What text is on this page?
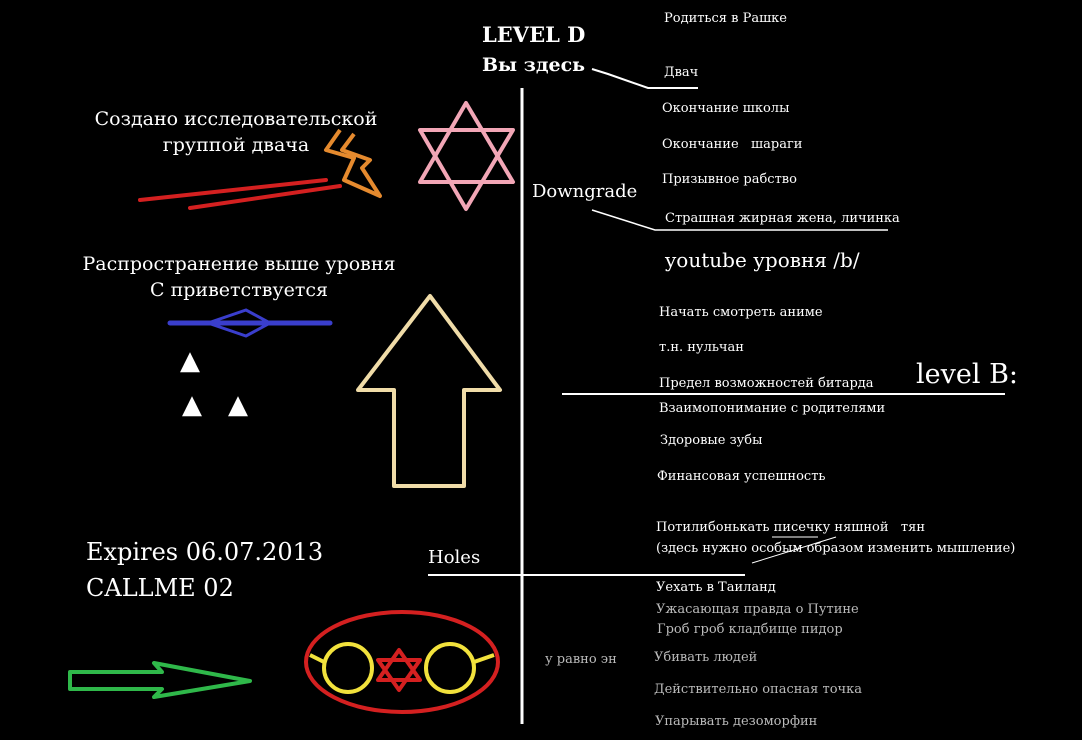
Создано исследовательской группой двача
Распространение выше уровня С приветствуется
▲
▲ ▲
Expires 06.07.2013
CALLME 02
LEVEL D
Вы здесь
Downgrade
Holes
у равно эн
Родиться в Рашке
Двач
Окончание школы
Окончание   шараги
Призывное рабство
Страшная жирная жена, личинка
youtube уровня /b/
Начать смотреть аниме
т.н. нульчан
Предел возможностей битарда level B:
Взаимопонимание с родителями
Здоровые зубы
Финансовая успешность
Потилибонькать писечку няшной   тян
(здесь нужно особым образом изменить мышление)
Уехать в Таиланд
Ужасающая правда о Путине
Гроб гроб кладбище пидор
Убивать людей
Действительно опасная точка
Упарывать дезоморфин
